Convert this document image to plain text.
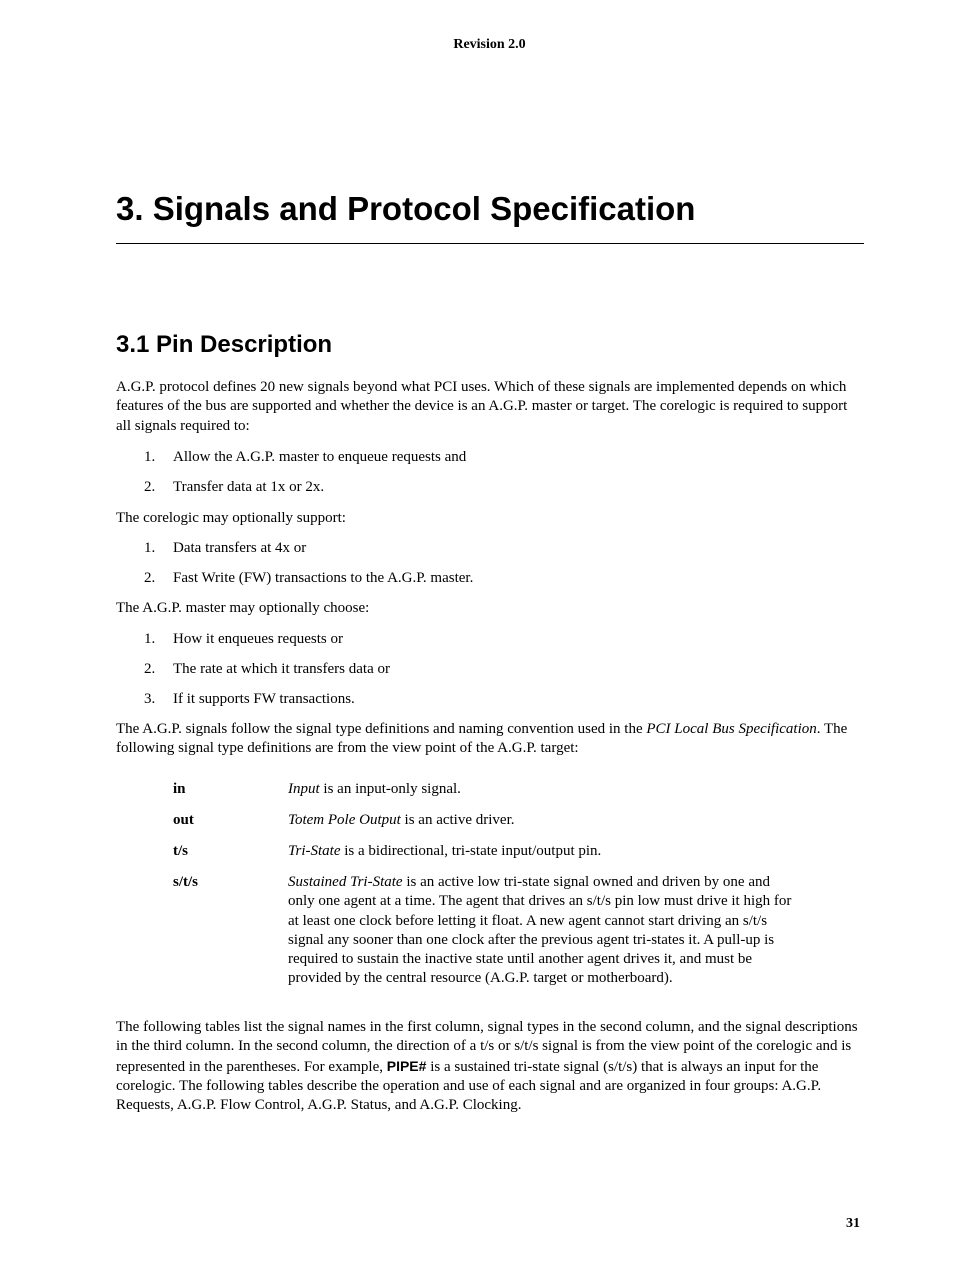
Revision 2.0
3. Signals and Protocol Specification
3.1 Pin Description

A.G.P. protocol defines 20 new signals beyond what PCI uses. Which of these signals are implemented depends on which features of the bus are supported and whether the device is an A.G.P. master or target. The corelogic is required to support all signals required to:

1. Allow the A.G.P. master to enqueue requests and
2. Transfer data at 1x or 2x.

The corelogic may optionally support:

1. Data transfers at 4x or
2. Fast Write (FW) transactions to the A.G.P. master.

The A.G.P. master may optionally choose:

1. How it enqueues requests or
2. The rate at which it transfers data or
3. If it supports FW transactions.

The A.G.P. signals follow the signal type definitions and naming convention used in the PCI Local Bus Specification. The following signal type definitions are from the view point of the A.G.P. target:

in	Input is an input-only signal.
out	Totem Pole Output is an active driver.
t/s	Tri-State is a bidirectional, tri-state input/output pin.
s/t/s	Sustained Tri-State is an active low tri-state signal owned and driven by one and only one agent at a time. The agent that drives an s/t/s pin low must drive it high for at least one clock before letting it float. A new agent cannot start driving an s/t/s signal any sooner than one clock after the previous agent tri-states it. A pull-up is required to sustain the inactive state until another agent drives it, and must be provided by the central resource (A.G.P. target or motherboard).

The following tables list the signal names in the first column, signal types in the second column, and the signal descriptions in the third column. In the second column, the direction of a t/s or s/t/s signal is from the view point of the corelogic and is represented in the parentheses. For example, PIPE# is a sustained tri-state signal (s/t/s) that is always an input for the corelogic. The following tables describe the operation and use of each signal and are organized in four groups: A.G.P. Requests, A.G.P. Flow Control, A.G.P. Status, and A.G.P. Clocking.

31
